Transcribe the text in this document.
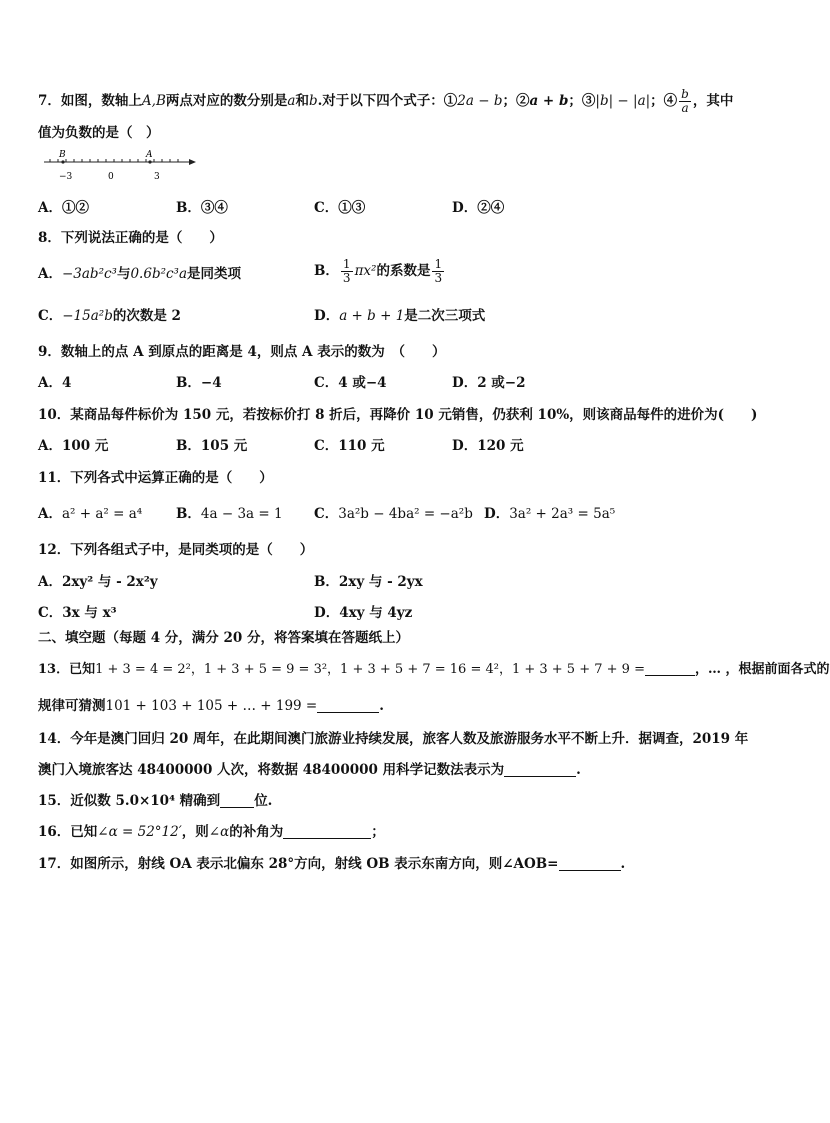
7．如图，数轴上A,B两点对应的数分别是a和b.对于以下四个式子：①2a − b；②a + b；③|b| − |a|；④ $\frac{b}{a}$ ，其中
值为负数的是（　）
B	A
−3	0	3
A．①②	B．③④	C．①③	D．②④
8．下列说法正确的是（　　）
A．−3ab²c³与0.6b²c³a是同类项	B． $\frac{1}{3} \pi x^2$的系数是 $\frac{1}{3}$
C．−15a²b的次数是 2	D．a + b + 1是二次三项式
9．数轴上的点 A 到原点的距离是 4，则点 A 表示的数为　（　　）
A．4	B．−4	C．4 或−4	D．2 或−2
10．某商品每件标价为 150 元，若按标价打 8 折后，再降价 10 元销售，仍获利 10%，则该商品每件的进价为(　　)
A．100 元	B．105 元	C．110 元	D．120 元
11．下列各式中运算正确的是（　　）
A．a² + a² = a⁴	B．4a − 3a = 1 C．3a²b − 4ba² = −a²b D．3a² + 2a³ = 5a⁵
12．下列各组式子中，是同类项的是（　　）
A．2xy² 与 - 2x²y	B．2xy 与 - 2yx
C．3x 与 x³	D．4xy 与 4yz
二、填空题（每题 4 分，满分 20 分，将答案填在答题纸上）
13．已知1 + 3 = 4 = 2²，1 + 3 + 5 = 9 = 3²，1 + 3 + 5 + 7 = 16 = 4²，1 + 3 + 5 + 7 + 9 =	，… ，根据前面各式的
规律可猜测101 + 103 + 105 + … + 199 =	.
14．今年是澳门回归 20 周年，在此期间澳门旅游业持续发展，旅客人数及旅游服务水平不断上升．据调查，2019 年
澳门入境旅客达 48400000 人次，将数据 48400000 用科学记数法表示为	.
15．近似数 5.0×10⁴ 精确到	位.
16．已知∠α = 52°12′，则∠α的补角为	；
17．如图所示，射线 OA 表示北偏东 28°方向，射线 OB 表示东南方向，则∠AOB=	.
